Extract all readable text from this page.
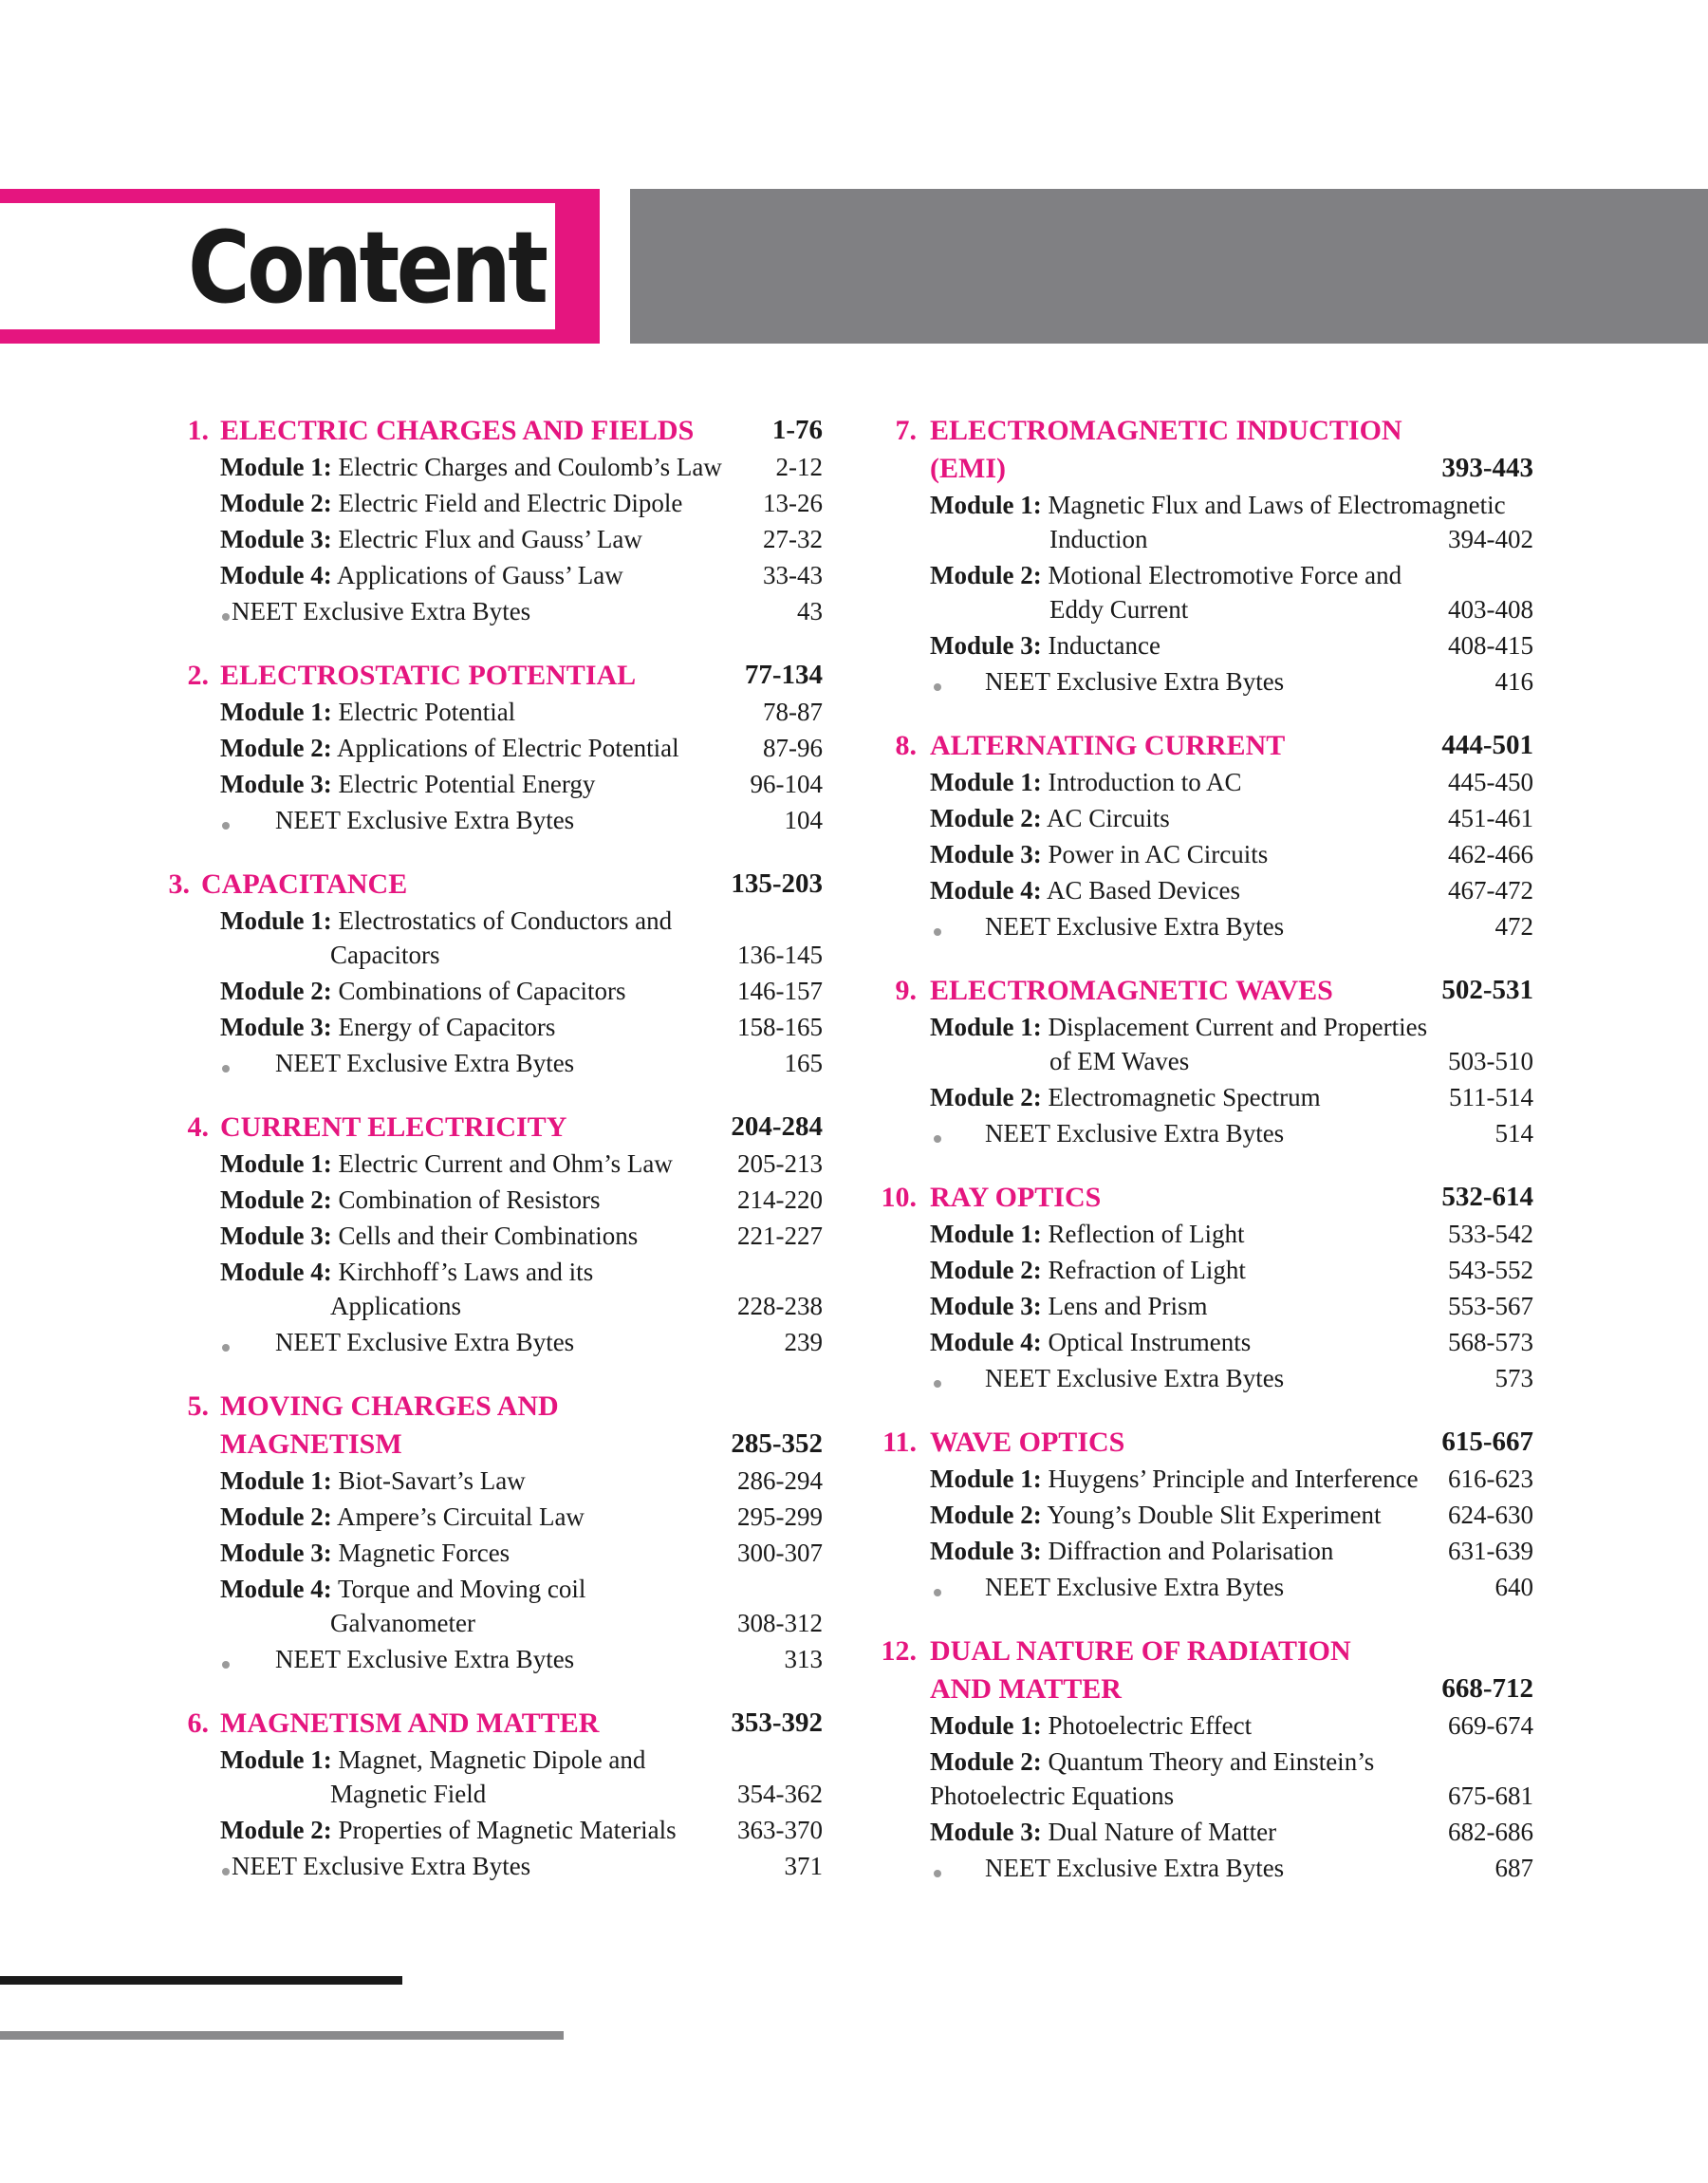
Content
1. ELECTRIC CHARGES AND FIELDS	1-76
Module 1: Electric Charges and Coulomb’s Law 2-12
Module 2: Electric Field and Electric Dipole	13-26
Module 3: Electric Flux and Gauss’ Law	27-32
Module 4: Applications of Gauss’ Law	33-43
NEET Exclusive Extra Bytes	43
2. ELECTROSTATIC POTENTIAL	77-134
Module 1: Electric Potential	78-87
Module 2: Applications of Electric Potential	87-96
Module 3: Electric Potential Energy	96-104
NEET Exclusive Extra Bytes	104
3. CAPACITANCE	135-203
Module 1: Electrostatics of Conductors and
Capacitors	136-145
Module 2: Combinations of Capacitors	146-157
Module 3: Energy of Capacitors	158-165
NEET Exclusive Extra Bytes	165
4. CURRENT ELECTRICITY	204-284
Module 1: Electric Current and Ohm’s Law	205-213
Module 2: Combination of Resistors	214-220
Module 3: Cells and their Combinations	221-227
Module 4: Kirchhoff’s Laws and its
Applications	228-238
NEET Exclusive Extra Bytes	239
5. MOVING CHARGES AND
MAGNETISM	285-352
Module 1: Biot-Savart’s Law	286-294
Module 2: Ampere’s Circuital Law	295-299
Module 3: Magnetic Forces	300-307
Module 4: Torque and Moving coil
Galvanometer	308-312
NEET Exclusive Extra Bytes	313
6. MAGNETISM AND MATTER	353-392
Module 1: Magnet, Magnetic Dipole and
Magnetic Field	354-362
Module 2: Properties of Magnetic Materials 363-370
NEET Exclusive Extra Bytes	371
7. ELECTROMAGNETIC INDUCTION
(EMI)	393-443
Module 1: Magnetic Flux and Laws of Electromagnetic
Induction	394-402
Module 2: Motional Electromotive Force and
Eddy Current	403-408
Module 3: Inductance	408-415
NEET Exclusive Extra Bytes	416
8. ALTERNATING CURRENT	444-501
Module 1: Introduction to AC	445-450
Module 2: AC Circuits	451-461
Module 3: Power in AC Circuits	462-466
Module 4: AC Based Devices	467-472
NEET Exclusive Extra Bytes	472
9. ELECTROMAGNETIC WAVES	502-531
Module 1: Displacement Current and Properties
of EM Waves	503-510
Module 2: Electromagnetic Spectrum	511-514
NEET Exclusive Extra Bytes	514
10. RAY OPTICS	532-614
Module 1: Reflection of Light	533-542
Module 2: Refraction of Light	543-552
Module 3: Lens and Prism	553-567
Module 4: Optical Instruments	568-573
NEET Exclusive Extra Bytes	573
11. WAVE OPTICS	615-667
Module 1: Huygens’ Principle and Interference 616-623
Module 2: Young’s Double Slit Experiment	624-630
Module 3: Diffraction and Polarisation	631-639
NEET Exclusive Extra Bytes	640
12. DUAL NATURE OF RADIATION
AND MATTER	668-712
Module 1: Photoelectric Effect	669-674
Module 2: Quantum Theory and Einstein’s
Photoelectric Equations	675-681
Module 3: Dual Nature of Matter	682-686
NEET Exclusive Extra Bytes	687
